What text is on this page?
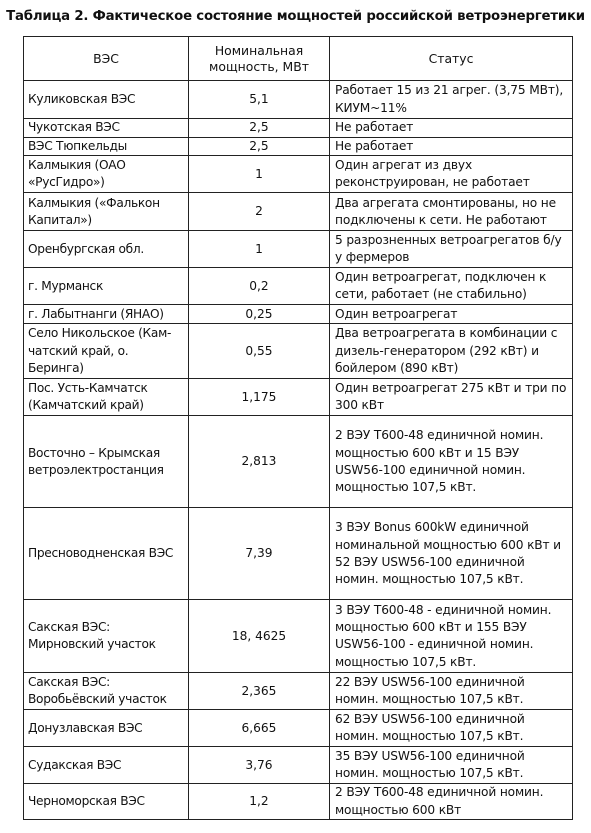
Таблица 2. Фактическое состояние мощностей российской ветроэнергетики
ВЭС	Номинальная мощность, МВт	Статус
Куликовская ВЭС	5,1	Работает 15 из 21 агрег. (3,75 МВт), КИУМ~11%
Чукотская ВЭС	2,5	Не работает
ВЭС Тюпкельды	2,5	Не работает
Калмыкия (ОАО «РусГидро»)	1	Один агрегат из двух реконструирован, не работает
Калмыкия («Фалькон Капитал»)	2	Два агрегата смонтированы, но не подключены к сети. Не работают
Оренбургская обл.	1	5 разрозненных ветроагрегатов б/у у фермеров
г. Мурманск	0,2	Один ветроагрегат, подключен к сети, работает (не стабильно)
г. Лабытнанги (ЯНАО)	0,25	Один ветроагрегат
Село Никольское (Кам-чатский край, о. Беринга)	0,55	Два ветроагрегата в комбинации с дизель-генератором (292 кВт) и бойлером (890 кВт)
Пос. Усть-Камчатск (Камчатский край)	1,175	Один ветроагрегат 275 кВт и три по 300 кВт
Восточно – Крымская ветроэлектростанция	2,813	2 ВЭУ Т600-48 единичной номин. мощностью 600 кВт и 15 ВЭУ USW56-100 единичной номин. мощностью 107,5 кВт.
Пресноводненская ВЭС	7,39	3 ВЭУ Bonus 600kW единичной номинальной мощностью 600 кВт и 52 ВЭУ USW56-100 единичной номин. мощностью 107,5 кВт.
Сакская ВЭС: Мирновский участок	18, 4625	3 ВЭУ Т600-48 - единичной номин. мощностью 600 кВт и 155 ВЭУ USW56-100 - единичной номин. мощностью 107,5 кВт.
Сакская ВЭС: Воробьёвский участок	2,365	22 ВЭУ USW56-100 единичной номин. мощностью 107,5 кВт.
Донузлавская ВЭС	6,665	62 ВЭУ USW56-100 единичной номин. мощностью 107,5 кВт.
Судакская ВЭС	3,76	35 ВЭУ USW56-100 единичной номин. мощностью 107,5 кВт.
Черноморская ВЭС	1,2	2 ВЭУ Т600-48 единичной номин. мощностью 600 кВт
